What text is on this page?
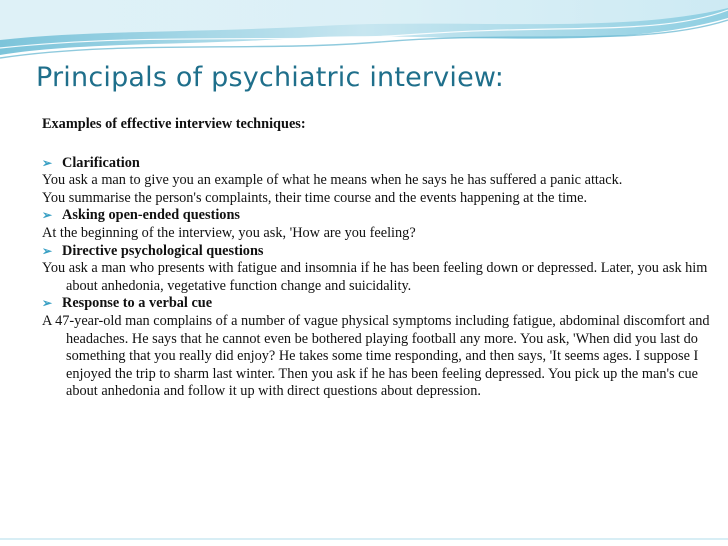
Principals of psychiatric interview:
Examples of effective interview techniques:
➢ Clarification
You ask a man to give you an example of what he means when he says he has suffered a panic attack.
You summarise the person's complaints, their time course and the events happening at the time.
➢ Asking open-ended questions
At the beginning of the interview, you ask, 'How are you feeling?
➢ Directive psychological questions
You ask a man who presents with fatigue and insomnia if he has been feeling down or depressed. Later, you ask him about anhedonia, vegetative function change and suicidality.
➢ Response to a verbal cue
A 47-year-old man complains of a number of vague physical symptoms including fatigue, abdominal discomfort and headaches. He says that he cannot even be bothered playing football any more. You ask, 'When did you last do something that you really did enjoy? He takes some time responding, and then says, 'It seems ages. I suppose I enjoyed the trip to sharm last winter. Then you ask if he has been feeling depressed. You pick up the man's cue about anhedonia and follow it up with direct questions about depression.
